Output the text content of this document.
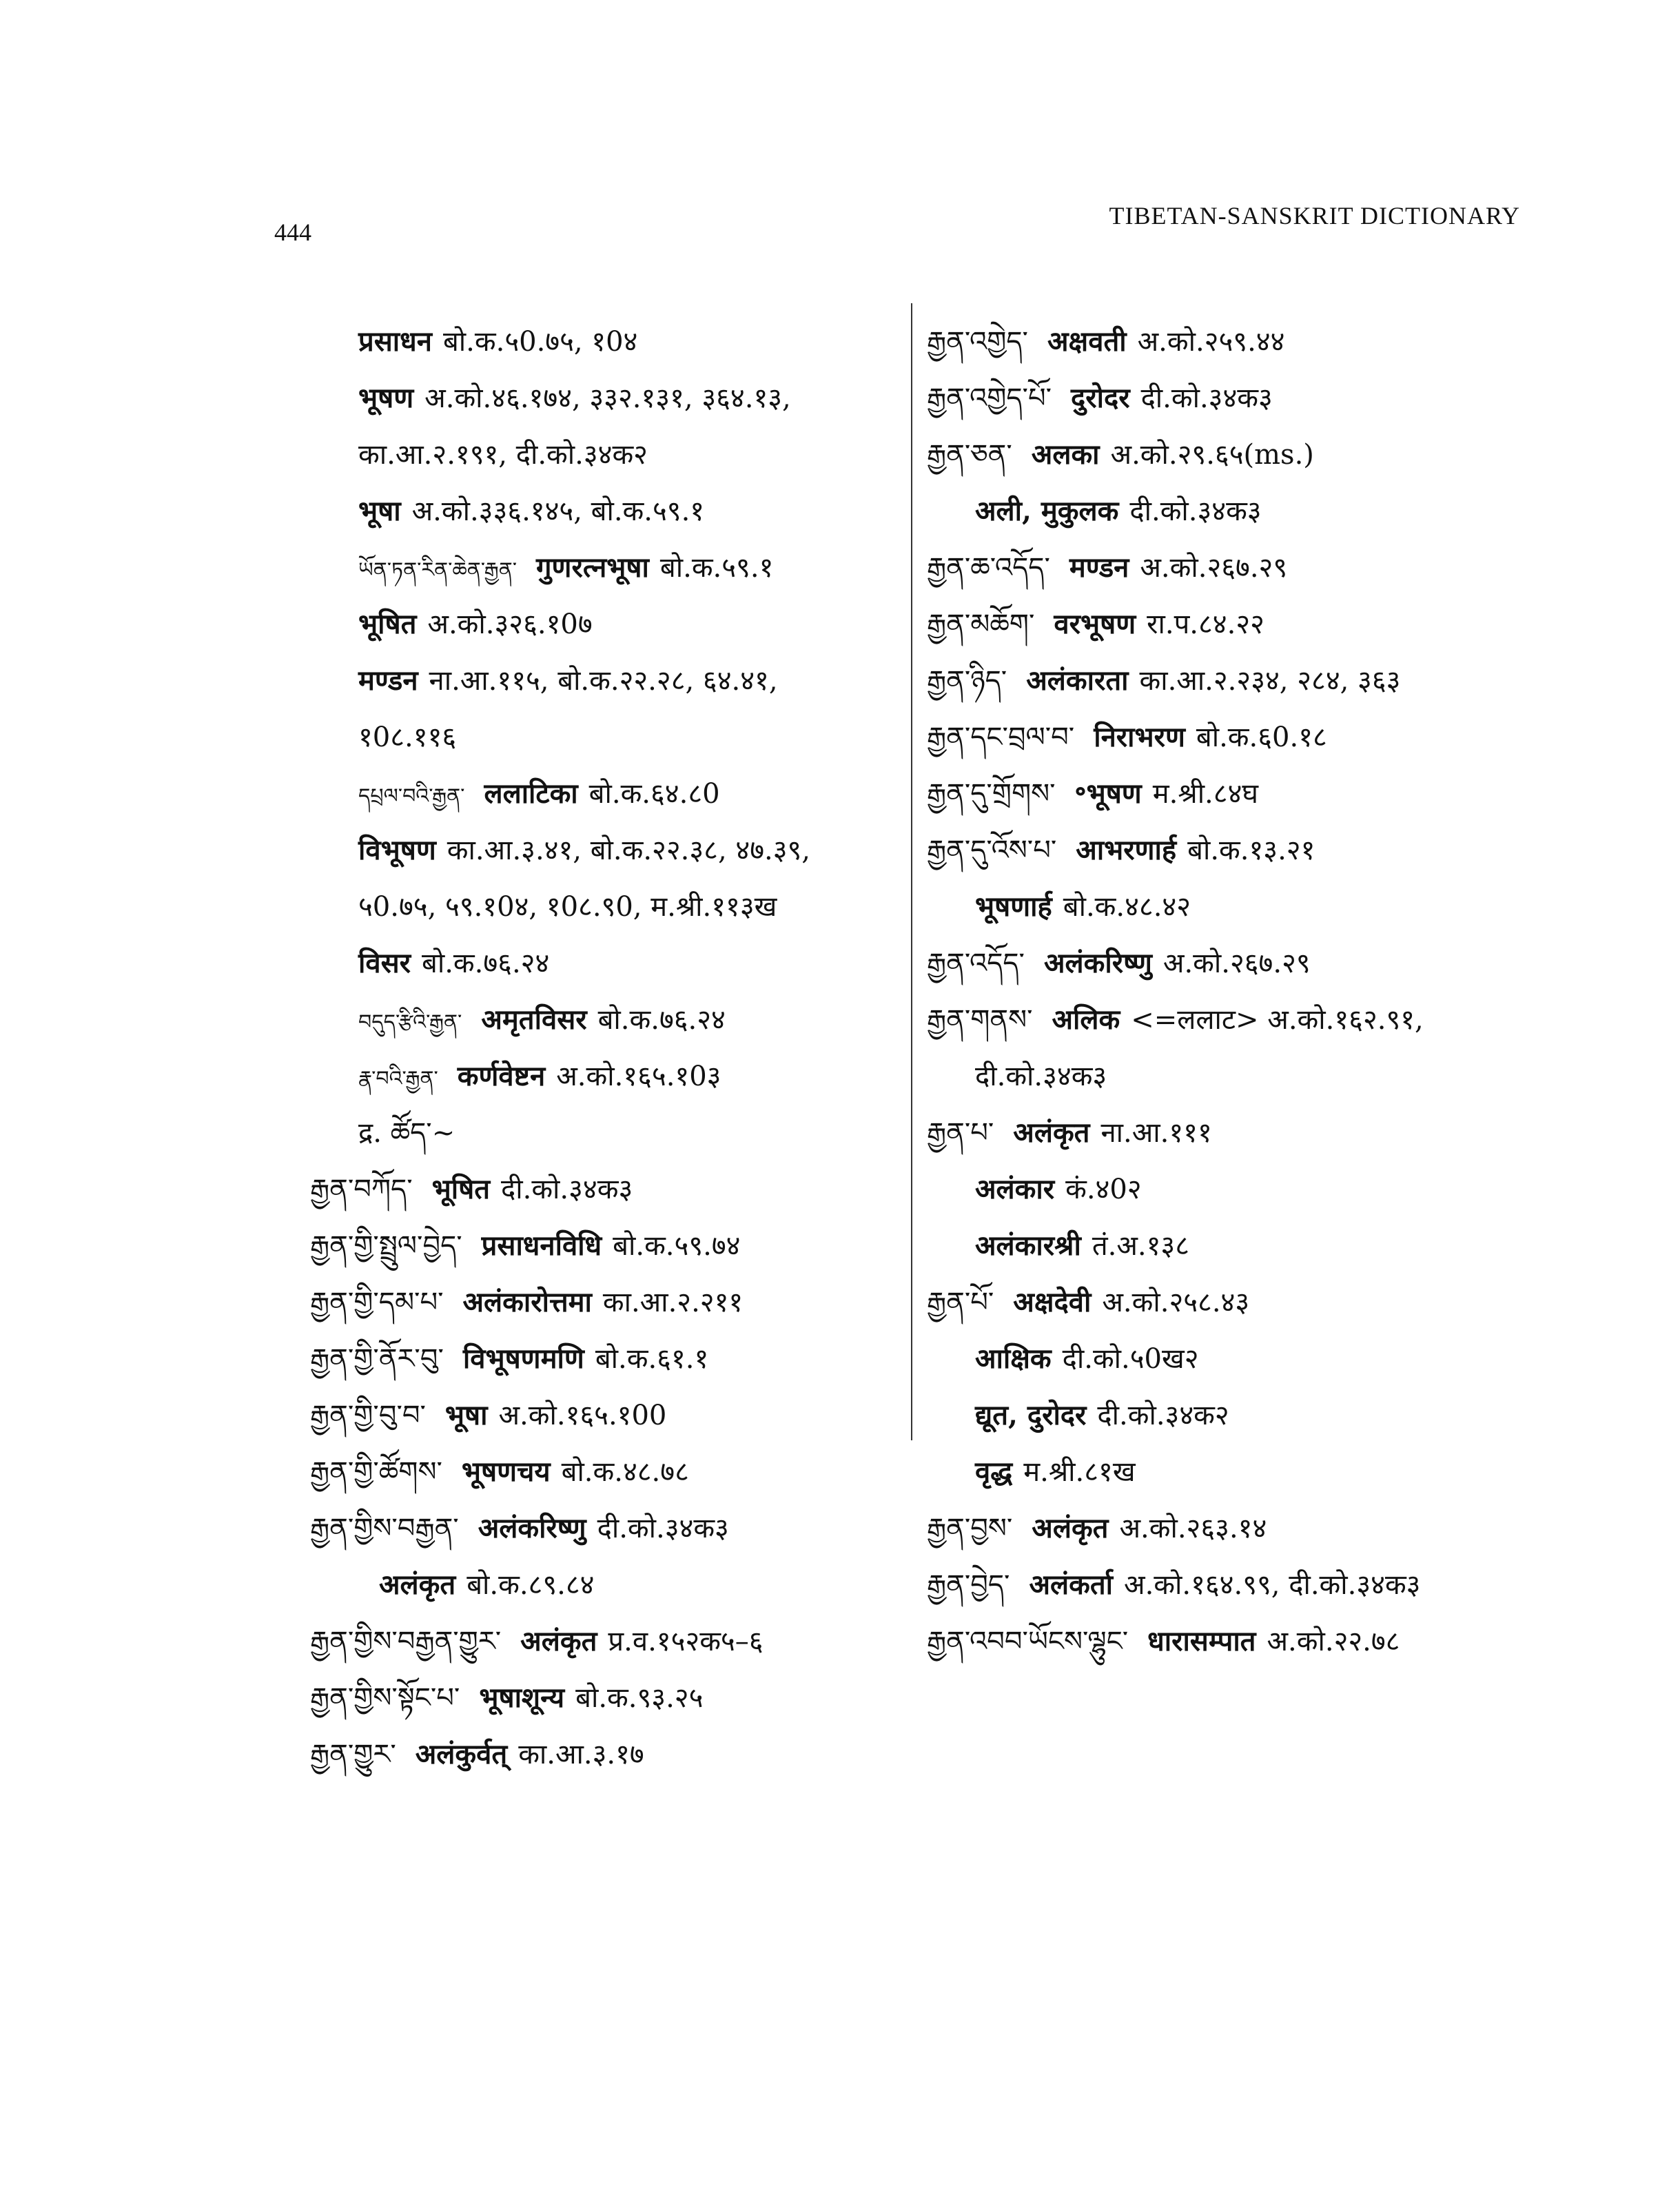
444
TIBETAN-SANSKRIT DICTIONARY
प्रसाधन बो.क.५0.७५, १0४
भूषण अ.को.४६.१७४, ३३२.१३१, ३६४.१३,
का.आ.२.१९१, दी.को.३४क२
भूषा अ.को.३३६.१४५, बो.क.५९.१
ཡོན་ཏན་རིན་ཆེན་རྒྱན་ गुणरत्नभूषा बो.क.५९.१
भूषित अ.को.३२६.१0७
मण्डन ना.आ.११५, बो.क.२२.२८, ६४.४१,
१0८.११६
དཔྲལ་བའི་རྒྱན་ ललाटिका बो.क.६४.८0
विभूषण का.आ.३.४१, बो.क.२२.३८, ४७.३९,
५0.७५, ५९.१0४, १0८.९0, म.श्री.११३ख
विसर बो.क.७६.२४
བདུད་རྩིའི་རྒྱན་ अमृतविसर बो.क.७६.२४
རྣ་བའི་རྒྱན་ कर्णवेष्टन अ.को.१६५.१0३
द्र. ཚོད་~
རྒྱན་བཀོད་ भूषित दी.को.३४क३
རྒྱན་གྱི་སྤྲུལ་བྱེད་ प्रसाधनविधि बो.क.५९.७४
རྒྱན་གྱི་དམ་པ་ अलंकारोत्तमा का.आ.२.२११
རྒྱན་གྱི་ནོར་བུ་ विभूषणमणि बो.क.६१.१
རྒྱན་གྱི་བུ་བ་ भूषा अ.को.१६५.१00
རྒྱན་གྱི་ཚོགས་ भूषणचय बो.क.४८.७८
རྒྱན་གྱིས་བརྒྱན་ अलंकरिष्णु दी.को.३४क३
अलंकृत बो.क.८९.८४
རྒྱན་གྱིས་བརྒྱན་གྱུར་ अलंकृत प्र.व.१५२क५–६
རྒྱན་གྱིས་སྟོང་པ་ भूषाशून्य बो.क.९३.२५
རྒྱན་གྱུར་ अलंकुर्वत् का.आ.३.१७
རྒྱན་འགྱེད་ अक्षवती अ.को.२५९.४४
རྒྱན་འགྱེད་པོ་ दुरोदर दी.को.३४क३
རྒྱན་ཅན་ अलका अ.को.२९.६५(ms.)
अली, मुकुलक दी.को.३४क३
རྒྱན་ཆ་འདོད་ मण्डन अ.को.२६७.२९
རྒྱན་མཆོག་ वरभूषण रा.प.८४.२२
རྒྱན་ཉིད་ अलंकारता का.आ.२.२३४, २८४, ३६३
རྒྱན་དང་བྲལ་བ་ निराभरण बो.क.६0.१८
རྒྱན་དུ་གྲོགས་ ॰भूषण म.श्री.८४घ
རྒྱན་དུ་འོས་པ་ आभरणार्ह बो.क.१३.२१
भूषणार्ह बो.क.४८.४२
རྒྱན་འདོད་ अलंकरिष्णु अ.को.२६७.२९
རྒྱན་གནས་ अलिक <=ललाट> अ.को.१६२.९१,
दी.को.३४क३
རྒྱན་པ་ अलंकृत ना.आ.१११
अलंकार कं.४0२
अलंकारश्री तं.अ.१३८
རྒྱན་པོ་ अक्षदेवी अ.को.२५८.४३
आक्षिक दी.को.५0ख२
द्यूत, दुरोदर दी.को.३४क२
वृद्ध म.श्री.८१ख
རྒྱན་བྱས་ अलंकृत अ.को.२६३.१४
རྒྱན་བྱེད་ अलंकर्ता अ.को.१६४.९९, दी.को.३४क३
རྒྱན་འབབ་ཡོངས་ལྷུང་ धारासम्पात अ.को.२२.७८
